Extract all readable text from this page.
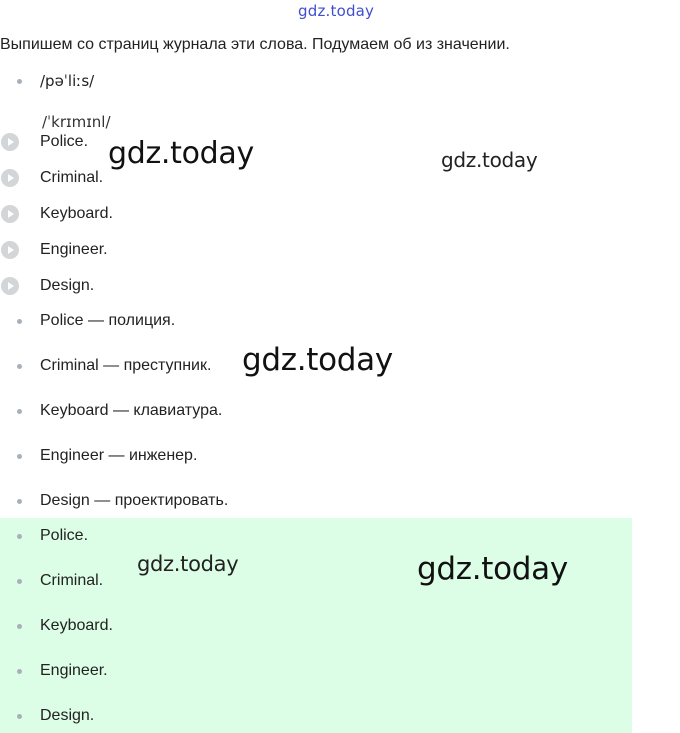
gdz.today
Выпишем со страниц журнала эти слова. Подумаем об из значении.
/pəˈliːs/
/ˈkrɪmɪnl/
Police.
Criminal.
Keyboard.
Engineer.
Design.
Police — полиция.
Criminal — преступник.
Keyboard — клавиатура.
Engineer — инженер.
Design — проектировать.
Police.
Criminal.
Keyboard.
Engineer.
Design.
gdz.today	gdz.today
gdz.today
gdz.today	gdz.today
